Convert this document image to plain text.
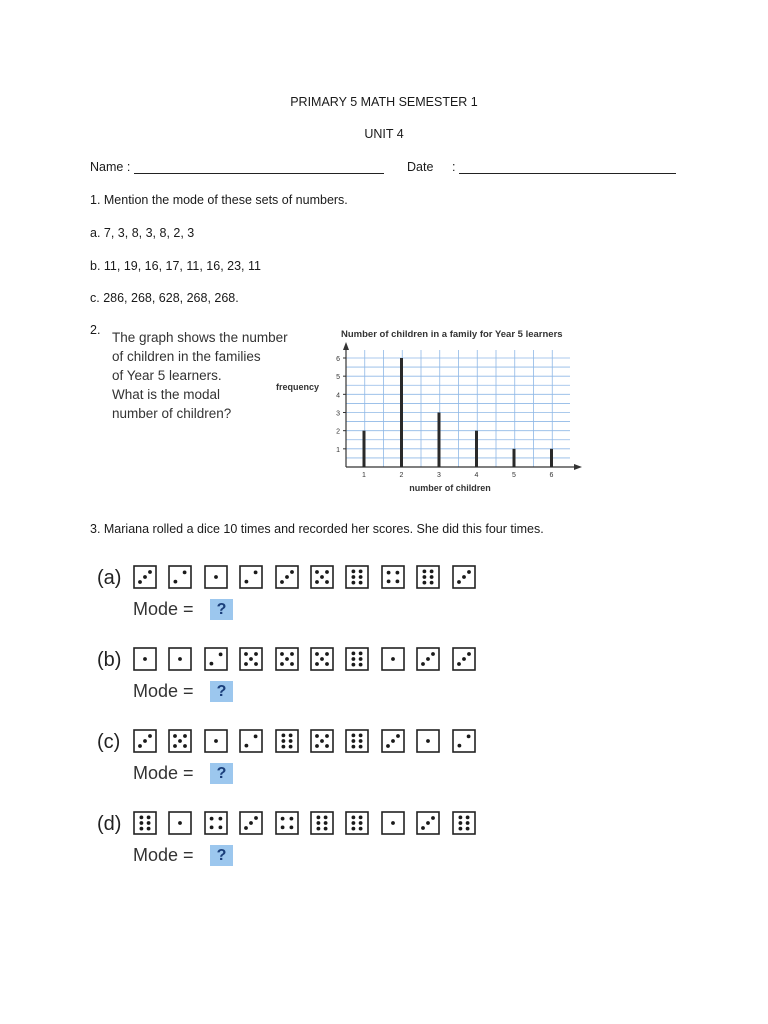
PRIMARY 5 MATH SEMESTER 1
UNIT 4
Name :	Date :
1. Mention the mode of these sets of numbers.
a. 7, 3, 8, 3, 8, 2, 3
b. 11, 19, 16, 17, 11, 16, 23, 11
c. 286, 268, 628, 268, 268.
2. The graph shows the number
of children in the families
of Year 5 learners.
What is the modal
number of children?
frequency
Number of children in a family for Year 5 learners
1
2
3
4
5
6
1	2	3	4	5	6
number of children
3. Mariana rolled a dice 10 times and recorded her scores. She did this four times.
(a)
Mode =	?
(b)
Mode =	?
(c)
Mode =	?
(d)
Mode =	?
